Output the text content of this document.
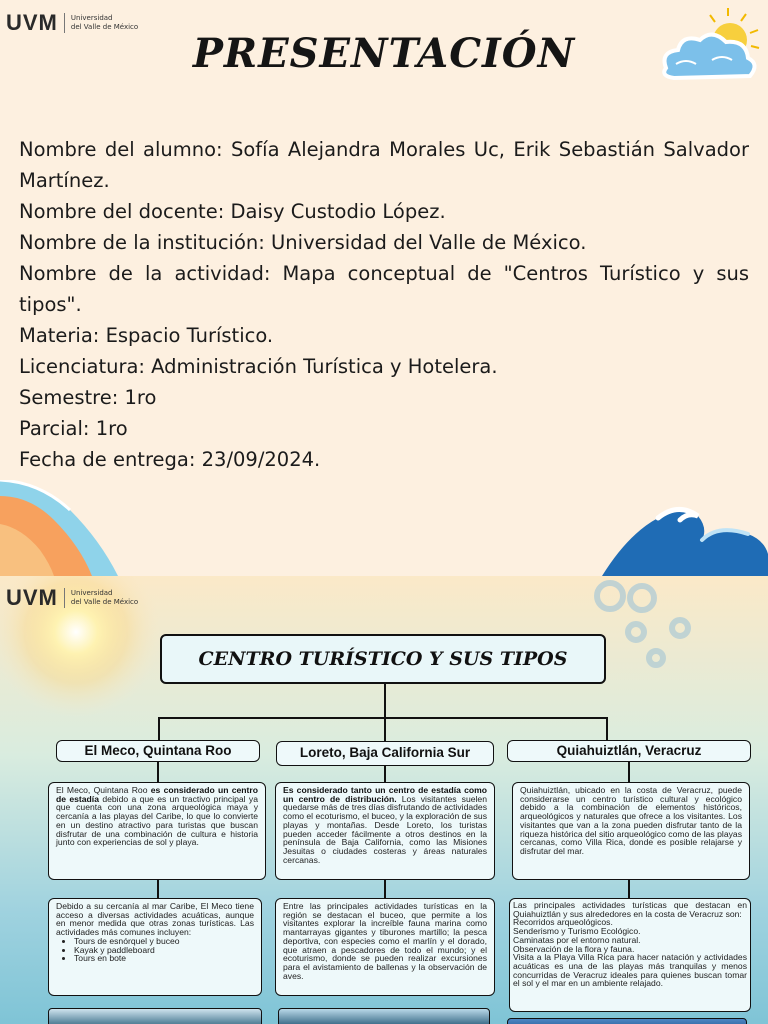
UVM Universidad
del Valle de México
PRESENTACIÓN

Nombre del alumno: Sofía Alejandra Morales Uc, Erik Sebastián Salvador Martínez.

Nombre del docente: Daisy Custodio López.

Nombre de la institución: Universidad del Valle de México.

Nombre de la actividad: Mapa conceptual de "Centros Turístico y sus tipos".

Materia: Espacio Turístico.

Licenciatura: Administración Turística y Hotelera.

Semestre: 1ro

Parcial: 1ro

Fecha de entrega: 23/09/2024.

UVM Universidad
del Valle de México
CENTRO TURÍSTICO Y SUS TIPOS
El Meco, Quintana Roo

El Meco, Quintana Roo es considerado un centro de estadía debido a que es un tractivo principal ya que cuenta con una zona arqueológica maya y cercanía a las playas del Caribe, lo que lo convierte en un destino atractivo para turistas que buscan disfrutar de una combinación de cultura e historia junto con experiencias de sol y playa.

Debido a su cercanía al mar Caribe, El Meco tiene acceso a diversas actividades acuáticas, aunque en menor medida que otras zonas turísticas. Las actividades más comunes incluyen:

• Tours de esnórquel y buceo
• Kayak y paddleboard
• Tours en bote
Loreto, Baja California Sur

Es considerado tanto un centro de estadía como un centro de distribución. Los visitantes suelen quedarse más de tres días disfrutando de actividades como el ecoturismo, el buceo, y la exploración de sus playas y montañas. Desde Loreto, los turistas pueden acceder fácilmente a otros destinos en la península de Baja California, como las Misiones Jesuitas o ciudades costeras y áreas naturales cercanas.

Entre las principales actividades turísticas en la región se destacan el buceo, que permite a los visitantes explorar la increíble fauna marina como mantarrayas gigantes y tiburones martillo; la pesca deportiva, con especies como el marlín y el dorado, que atraen a pescadores de todo el mundo; y el ecoturismo, donde se pueden realizar excursiones para el avistamiento de ballenas y la observación de aves.

Quiahuiztlán, Veracruz

Quiahuiztlán, ubicado en la costa de Veracruz, puede considerarse un centro turístico cultural y ecológico debido a la combinación de elementos históricos, arqueológicos y naturales que ofrece a los visitantes. Los visitantes que van a la zona pueden disfrutar tanto de la riqueza histórica del sitio arqueológico como de las playas cercanas, como Villa Rica, donde es posible relajarse y disfrutar del mar.

Las principales actividades turísticas que destacan en Quiahuiztlán y sus alrededores en la costa de Veracruz son:

Recorridos arqueológicos.

Senderismo y Turismo Ecológico.

Caminatas por el entorno natural.

Observación de la flora y fauna.

Visita a la Playa Villa Rica para hacer natación y actividades acuáticas es una de las playas más tranquilas y menos concurridas de Veracruz ideales para quienes buscan tomar el sol y el mar en un ambiente relajado.
